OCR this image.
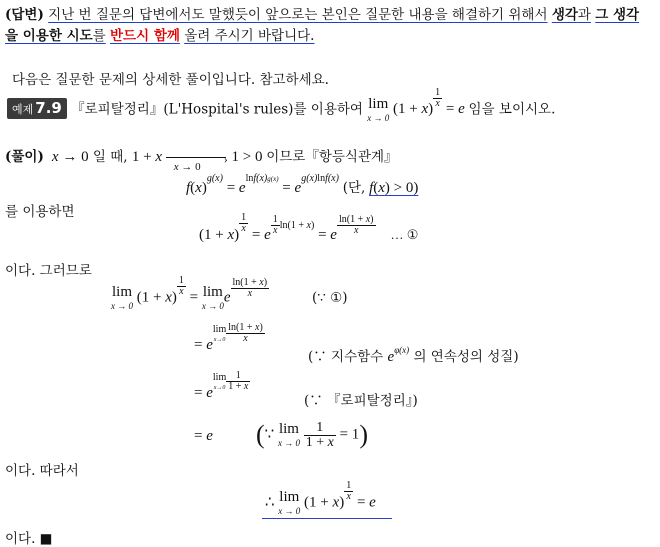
(답변) 지난 번 질문의 답변에서도 말했듯이 앞으로는 본인은 질문한 내용을 해결하기 위해서 생각과 그 생각
을 이용한 시도를 반드시 함께 올려 주시기 바랍니다.
다음은 질문한 문제의 상세한 풀이입니다. 참고하세요.
예제 7.9 『로피탈정리』(L'Hospital's rules)를 이용하여 lim
x → 0
(1 + x)
$\frac{1}{x}$
= e 임을 보이시오.
(풀이)  x → 0 일 때, 1 + x	›
x → 0
1 > 0 이므로『항등식관계』
$f(x)^{g(x)} = e^{lnf(x)g(x)} = e^{g(x)lnf(x)}$ (단, f(x) > 0)
를 이용하면
(1 + x)
$\frac{1}{x}$
= e $^{\frac{1}{x} ln(1 + x)}$ = e $^{\frac{\ln(1 + x)}{x}}$ … ①
이다. 그러므로
lim
x → 0
(1 + x)
$\frac{1}{x}$
= lim
x → 0
e $^{\frac{\ln(1 + x)}{x}}$	(∵ ①)
= e
$^{lim x\to 0 \frac{\ln(1 + x)}{x}}$
(∵ 지수함수 $e^{\varphi(x)}$ 의 연속성의 성질)
= e
$^{lim x\to 0 \frac{1}{1 + x}}$
(∵ 『로피탈정리』)
= e (∵ lim
x → 0
$\frac{1}{1 + x} = 1$)
이다. 따라서
∴ lim
x → 0
(1 + x)
$\frac{1}{x}$
= e
이다. ■
